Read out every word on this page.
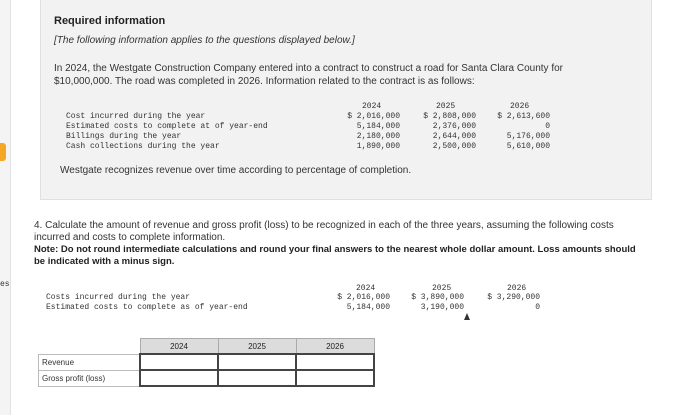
es
Required information
[The following information applies to the questions displayed below.]
In 2024, the Westgate Construction Company entered into a contract to construct a road for Santa Clara County for $10,000,000. The road was completed in 2026. Information related to the contract is as follows:
2024	2025	2026
Cost incurred during the year	$ 2,016,000	$ 2,808,000	$ 2,613,600
Estimated costs to complete at of year-end	5,184,000	2,376,000	0
Billings during the year	2,180,000	2,644,000	5,176,000
Cash collections during the year	1,890,000	2,500,000	5,610,000
Westgate recognizes revenue over time according to percentage of completion.
4. Calculate the amount of revenue and gross profit (loss) to be recognized in each of the three years, assuming the following costs incurred and costs to complete information.
Note: Do not round intermediate calculations and round your final answers to the nearest whole dollar amount. Loss amounts should be indicated with a minus sign.
2024	2025	2026
Costs incurred during the year	$ 2,016,000	$ 3,890,000	$ 3,290,000
Estimated costs to complete as of year-end	5,184,000	3,190,000	0
	2024	2025	2026
Revenue			
Gross profit (loss)			
